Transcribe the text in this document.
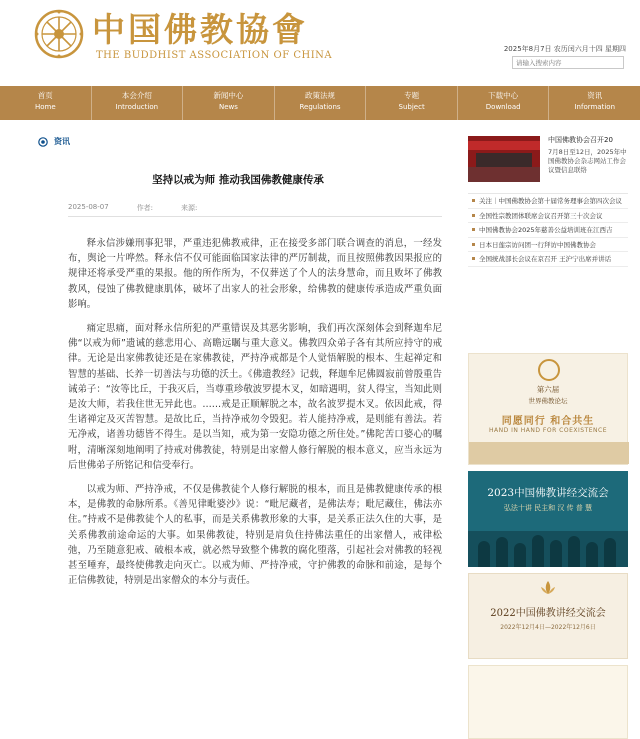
中国佛教協會
THE BUDDHIST ASSOCIATION OF CHINA
2025年8月7日 农历闰六月十四 星期四
请输入搜索内容
首页
Home
本会介绍
Introduction
新闻中心
News
政策法规
Regulations
专题
Subject
下载中心
Download
资讯
Information
资讯
坚持以戒为师 推动我国佛教健康传承
2025-08-07	作者:	来源:

释永信涉嫌刑事犯罪，严重违犯佛教戒律，正在接受多部门联合调查的消息，一经发布，舆论一片哗然。释永信不仅可能面临国家法律的严厉制裁，而且按照佛教因果报应的规律还将承受严重的果报。他的所作所为，不仅葬送了个人的法身慧命，而且败坏了佛教教风，侵蚀了佛教健康肌体，破坏了出家人的社会形象，给佛教的健康传承造成严重负面影响。

痛定思痛，面对释永信所犯的严重错误及其恶劣影响，我们再次深刻体会到释迦牟尼佛“以戒为师”遗诫的慈悲用心、高瞻远瞩与重大意义。佛教四众弟子各有其所应持守的戒律。无论是出家佛教徒还是在家佛教徒，严持净戒都是个人觉悟解脱的根本、生起禅定和智慧的基础、长养一切善法与功德的沃土。《佛遗教经》记载，释迦牟尼佛圆寂前曾殷重告诫弟子：“汝等比丘，于我灭后，当尊重珍敬波罗提木叉，如暗遇明，贫人得宝，当知此则是汝大师，若我住世无异此也。……戒是正顺解脱之本，故名波罗提木叉。依因此戒，得生诸禅定及灭苦智慧。是故比丘，当持净戒勿令毁犯。若人能持净戒，是则能有善法。若无净戒，诸善功德皆不得生。是以当知，戒为第一安隐功德之所住处。”佛陀苦口婆心的嘱咐，清晰深刻地阐明了持戒对佛教徒，特别是出家僧人修行解脱的根本意义，应当永远为后世佛弟子所铭记和信受奉行。

以戒为师、严持净戒，不仅是佛教徒个人修行解脱的根本，而且是佛教健康传承的根本，是佛教的命脉所系。《善见律毗婆沙》说：“毗尼藏者，是佛法寿；毗尼藏住，佛法亦住。”持戒不是佛教徒个人的私事，而是关系佛教形象的大事，是关系正法久住的大事，是关系佛教前途命运的大事。如果佛教徒，特别是肩负住持佛法重任的出家僧人，戒律松弛，乃至随意犯戒、破根本戒，就必然导致整个佛教的腐化堕落，引起社会对佛教的轻视甚至唾弃，最终使佛教走向灭亡。以戒为师、严持净戒，守护佛教的命脉和前途，是每个正信佛教徒，特别是出家僧众的本分与责任。

中国佛教协会召开20
7月8日至12日，2025年中国佛教协会杂志网站工作会议暨信息联络
关注｜中国佛教协会第十届常务理事会第四次会议
全国性宗教团体联席会议召开第三十次会议
中国佛教协会2025年慈善公益培训班在江西吉
日本日莲宗访问团一行拜访中国佛教协会
全国统战部长会议在京召开 王沪宁出席并讲话
第六届
世界佛教论坛
同愿同行 和合共生
HAND IN HAND FOR COEXISTENCE
2023中国佛教讲经交流会
弘法十讲 民主和 汉 传 普 慧
2022中国佛教讲经交流会
2022年12月4日—2022年12月6日
